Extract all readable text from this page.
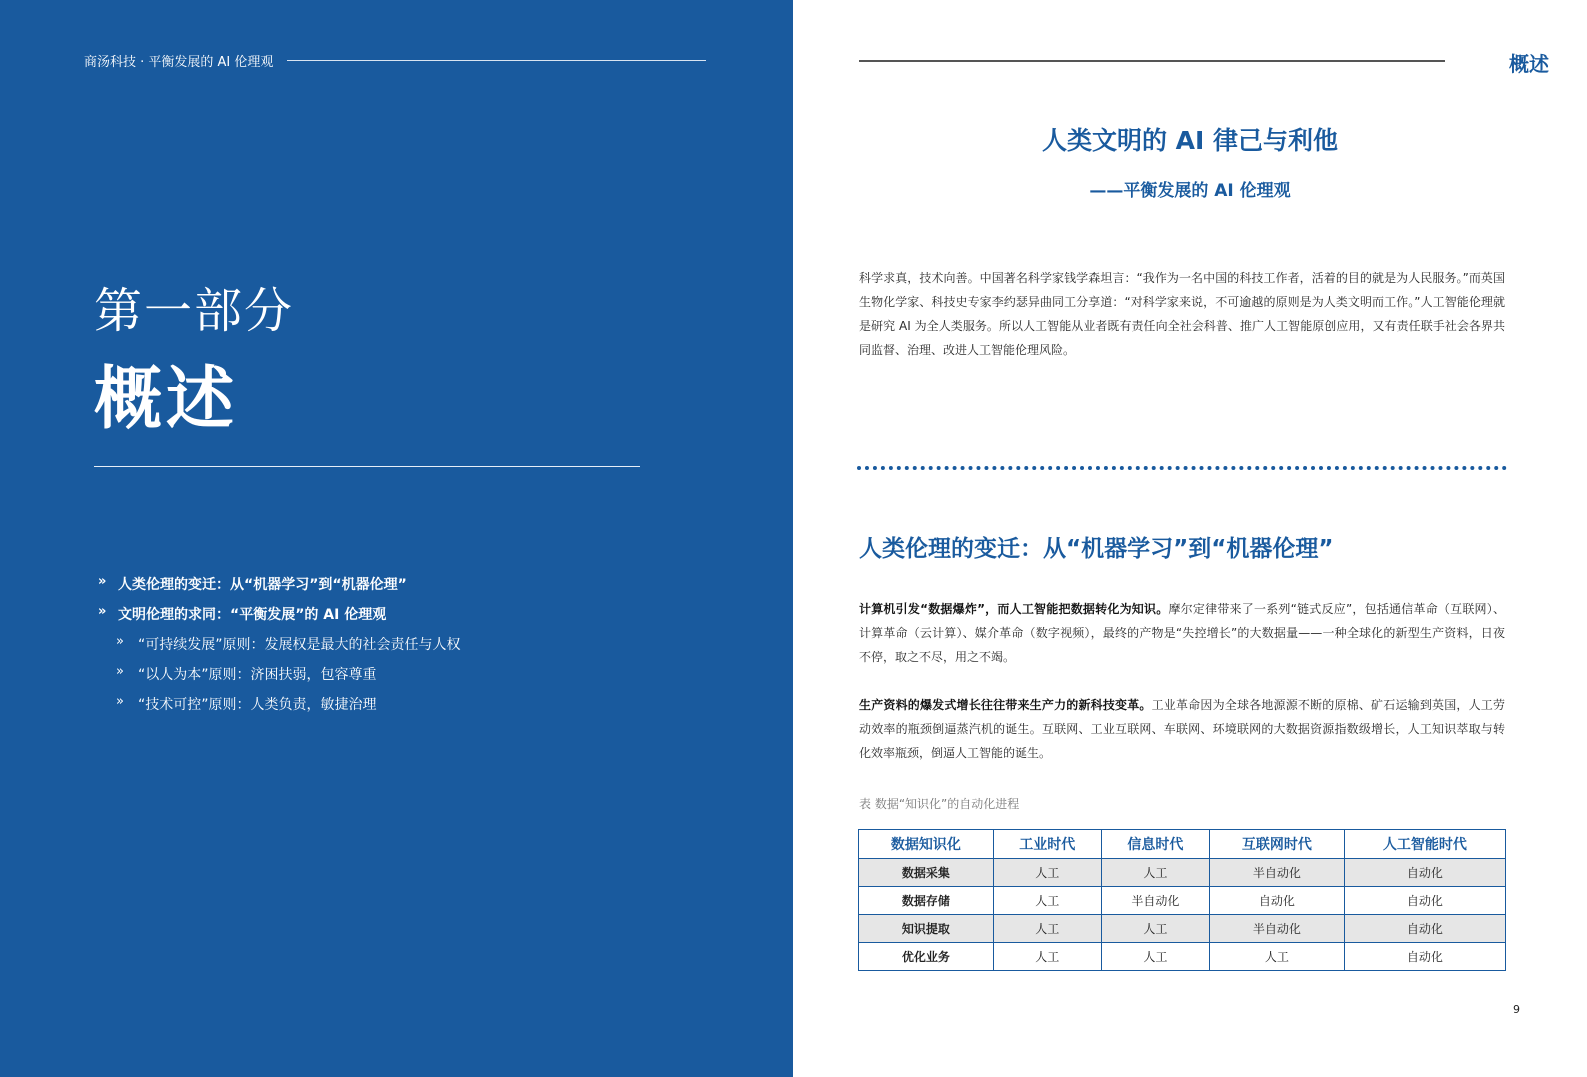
商汤科技 · 平衡发展的 AI 伦理观
第一部分
概述
» 人类伦理的变迁：从“机器学习”到“机器伦理”
» 文明伦理的求同：“平衡发展”的 AI 伦理观
» “可持续发展”原则：发展权是最大的社会责任与人权
» “以人为本”原则：济困扶弱，包容尊重
» “技术可控”原则：人类负责，敏捷治理
概述
人类文明的 AI 律己与利他
——平衡发展的 AI 伦理观

科学求真，技术向善。中国著名科学家钱学森坦言：“我作为一名中国的科技工作者，活着的目的就是为人民服务。”而英国生物化学家、科技史专家李约瑟异曲同工分享道：“对科学家来说，不可逾越的原则是为人类文明而工作。”人工智能伦理就是研究 AI 为全人类服务。所以人工智能从业者既有责任向全社会科普、推广人工智能原创应用，又有责任联手社会各界共同监督、治理、改进人工智能伦理风险。

人类伦理的变迁：从“机器学习”到“机器伦理”

计算机引发“数据爆炸”，而人工智能把数据转化为知识。摩尔定律带来了一系列“链式反应”，包括通信革命（互联网）、计算革命（云计算）、媒介革命（数字视频），最终的产物是“失控增长”的大数据量——一种全球化的新型生产资料，日夜不停，取之不尽，用之不竭。

生产资料的爆发式增长往往带来生产力的新科技变革。工业革命因为全球各地源源不断的原棉、矿石运输到英国，人工劳动效率的瓶颈倒逼蒸汽机的诞生。互联网、工业互联网、车联网、环境联网的大数据资源指数级增长，人工知识萃取与转化效率瓶颈，倒逼人工智能的诞生。

表 数据“知识化”的自动化进程
数据知识化	工业时代	信息时代	互联网时代	人工智能时代
数据采集	人工	人工	半自动化	自动化
数据存储	人工	半自动化	自动化	自动化
知识提取	人工	人工	半自动化	自动化
优化业务	人工	人工	人工	自动化
9
